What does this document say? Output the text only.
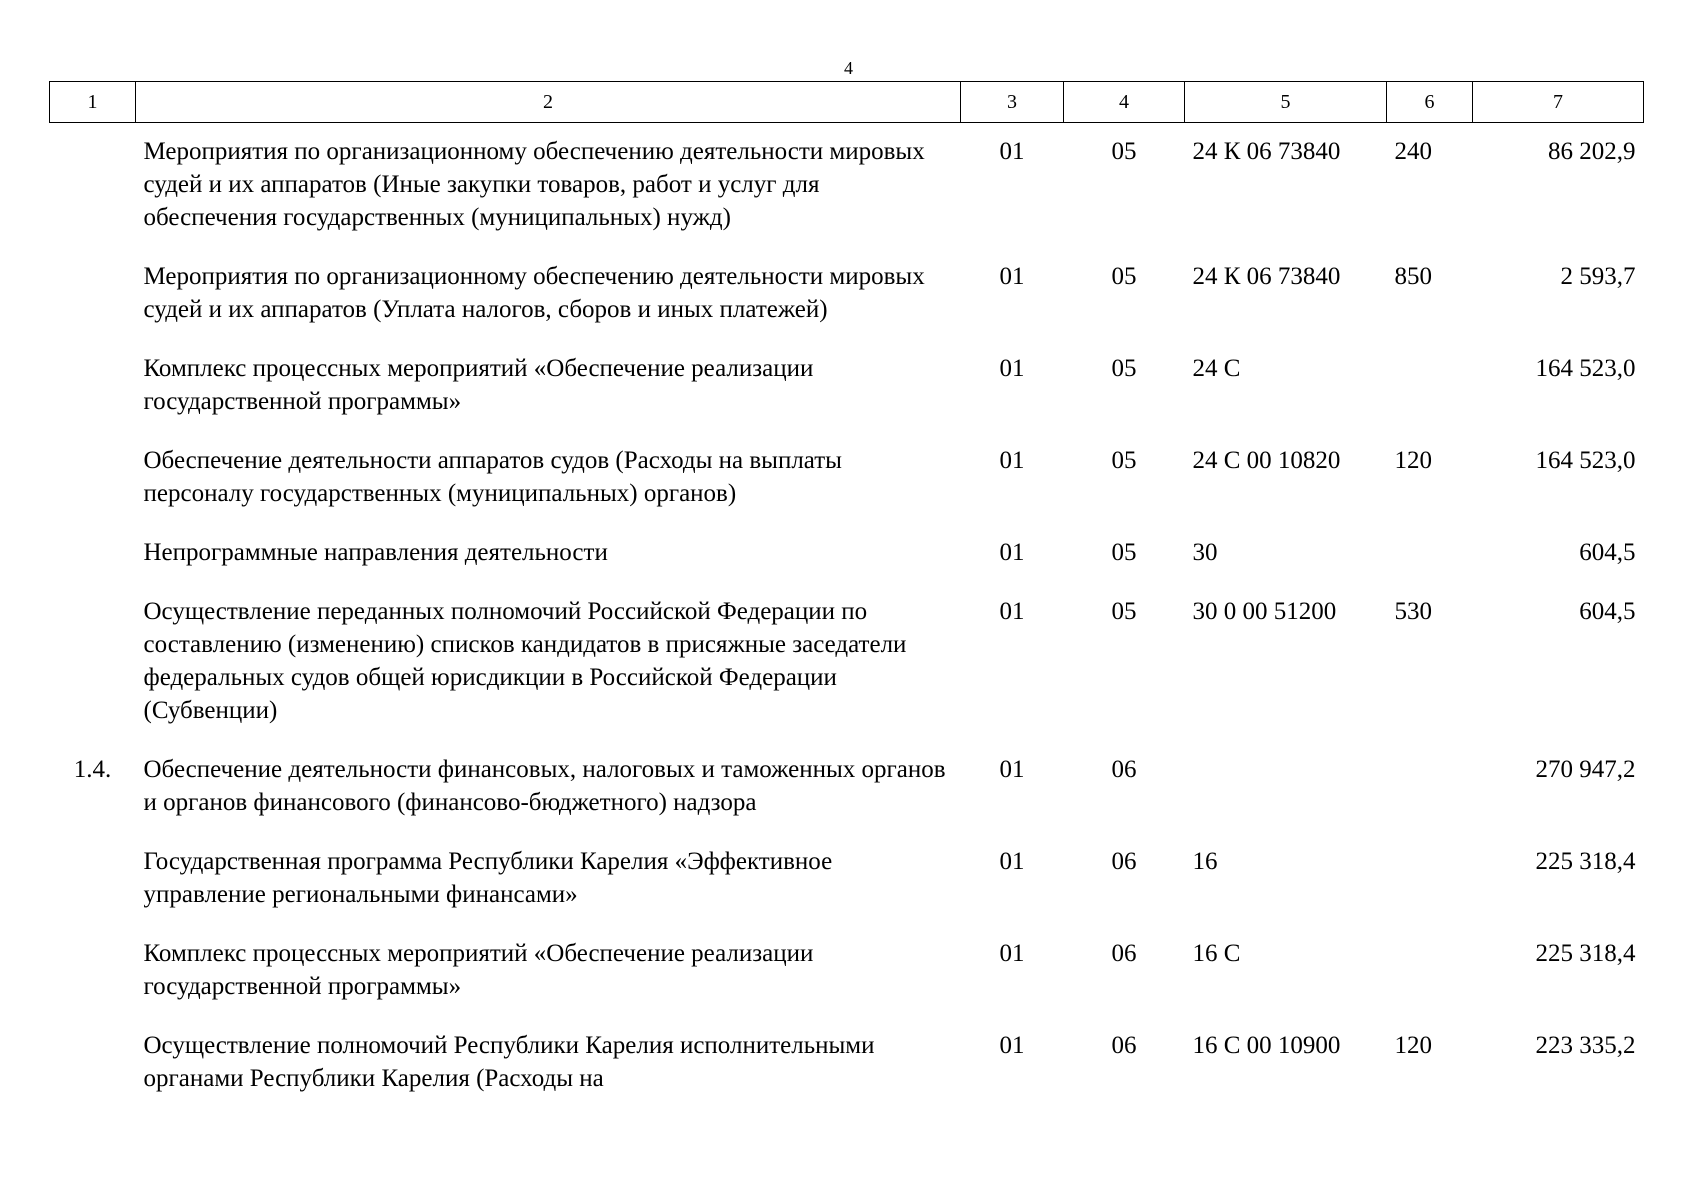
4
1	2	3	4	5	6	7
	Мероприятия по организационному обеспечению деятельности мировых судей и их аппаратов (Иные закупки товаров, работ и услуг для обеспечения государственных (муниципальных) нужд)	01	05	24 К 06 73840	240	86 202,9
	Мероприятия по организационному обеспечению деятельности мировых судей и их аппаратов (Уплата налогов, сборов и иных платежей)	01	05	24 К 06 73840	850	2 593,7
	Комплекс процессных мероприятий «Обеспечение реализации государственной программы»	01	05	24 С		164 523,0
	Обеспечение деятельности аппаратов судов (Расходы на выплаты персоналу государственных (муниципальных) органов)	01	05	24 С 00 10820	120	164 523,0
	Непрограммные направления деятельности	01	05	30		604,5
	Осуществление переданных полномочий Российской Федерации по составлению (изменению) списков кандидатов в присяжные заседатели федеральных судов общей юрисдикции в Российской Федерации (Субвенции)	01	05	30 0 00 51200	530	604,5
1.4.	Обеспечение деятельности финансовых, налоговых и таможенных органов и органов финансового (финансово-бюджетного) надзора	01	06			270 947,2
	Государственная программа Республики Карелия «Эффективное управление региональными финансами»	01	06	16		225 318,4
	Комплекс процессных мероприятий «Обеспечение реализации государственной программы»	01	06	16 С		225 318,4
	Осуществление полномочий Республики Карелия исполнительными органами Республики Карелия (Расходы на	01	06	16 С 00 10900	120	223 335,2
